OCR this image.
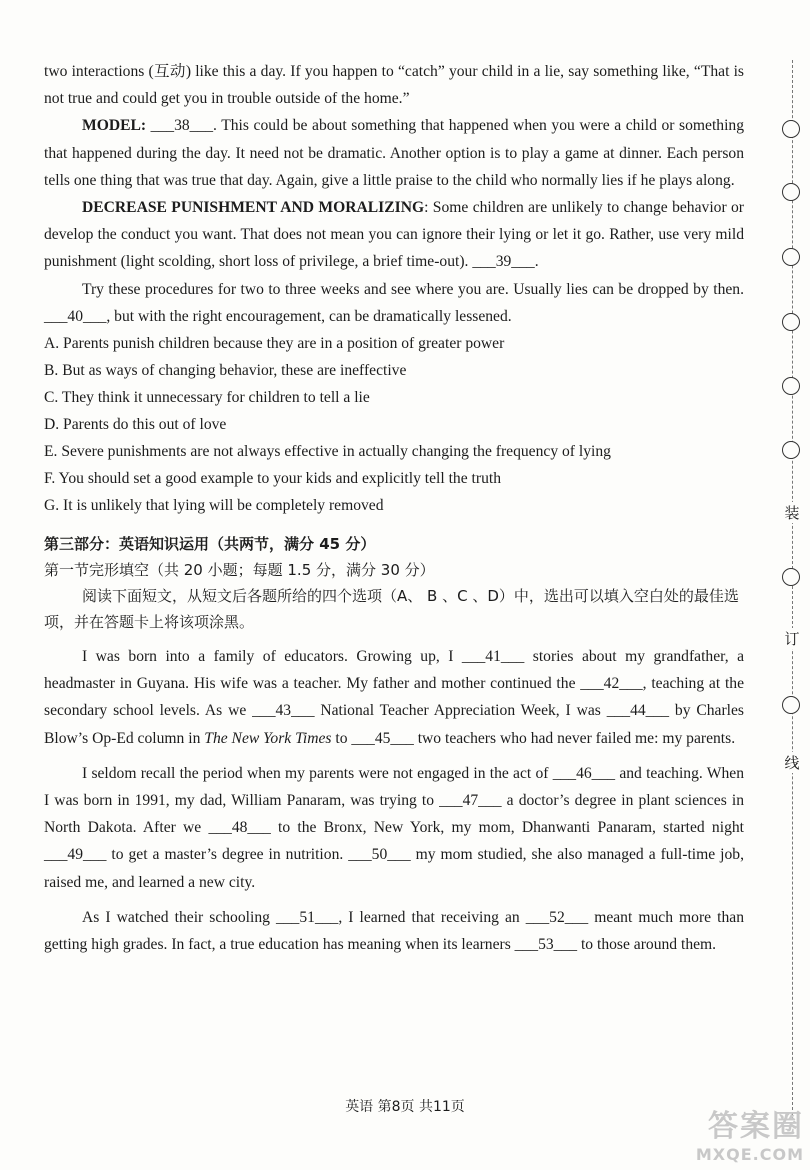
two interactions (互动) like this a day. If you happen to “catch” your child in a lie, say something like, “That is not true and could get you in trouble outside of the home.”

MODEL: ___38___. This could be about something that happened when you were a child or something that happened during the day. It need not be dramatic. Another option is to play a game at dinner. Each person tells one thing that was true that day. Again, give a little praise to the child who normally lies if he plays along.

DECREASE PUNISHMENT AND MORALIZING: Some children are unlikely to change behavior or develop the conduct you want. That does not mean you can ignore their lying or let it go. Rather, use very mild punishment (light scolding, short loss of privilege, a brief time-out). ___39___.

Try these procedures for two to three weeks and see where you are. Usually lies can be dropped by then. ___40___, but with the right encouragement, can be dramatically lessened.

A. Parents punish children because they are in a position of greater power

B. But as ways of changing behavior, these are ineffective

C. They think it unnecessary for children to tell a lie

D. Parents do this out of love

E. Severe punishments are not always effective in actually changing the frequency of lying

F. You should set a good example to your kids and explicitly tell the truth

G. It is unlikely that lying will be completely removed

第三部分：英语知识运用（共两节，满分 45 分）

第一节完形填空（共 20 小题；每题 1.5 分，满分 30 分）

阅读下面短文，从短文后各题所给的四个选项（A、 B 、C 、D）中，选出可以填入空白处的最佳选项，并在答题卡上将该项涂黑。

I was born into a family of educators. Growing up, I ___41___ stories about my grandfather, a headmaster in Guyana. His wife was a teacher. My father and mother continued the ___42___, teaching at the secondary school levels. As we ___43___ National Teacher Appreciation Week, I was ___44___ by Charles Blow’s Op-Ed column in The New York Times to ___45___ two teachers who had never failed me: my parents.

I seldom recall the period when my parents were not engaged in the act of ___46___ and teaching. When I was born in 1991, my dad, William Panaram, was trying to ___47___ a doctor’s degree in plant sciences in North Dakota. After we ___48___ to the Bronx, New York, my mom, Dhanwanti Panaram, started night ___49___ to get a master’s degree in nutrition. ___50___ my mom studied, she also managed a full-time job, raised me, and learned a new city.

As I watched their schooling ___51___, I learned that receiving an ___52___ meant much more than getting high grades. In fact, a true education has meaning when its learners ___53___ to those around them.

英语 第8页 共11页
装
订
线
答案圈
MXQE.COM
